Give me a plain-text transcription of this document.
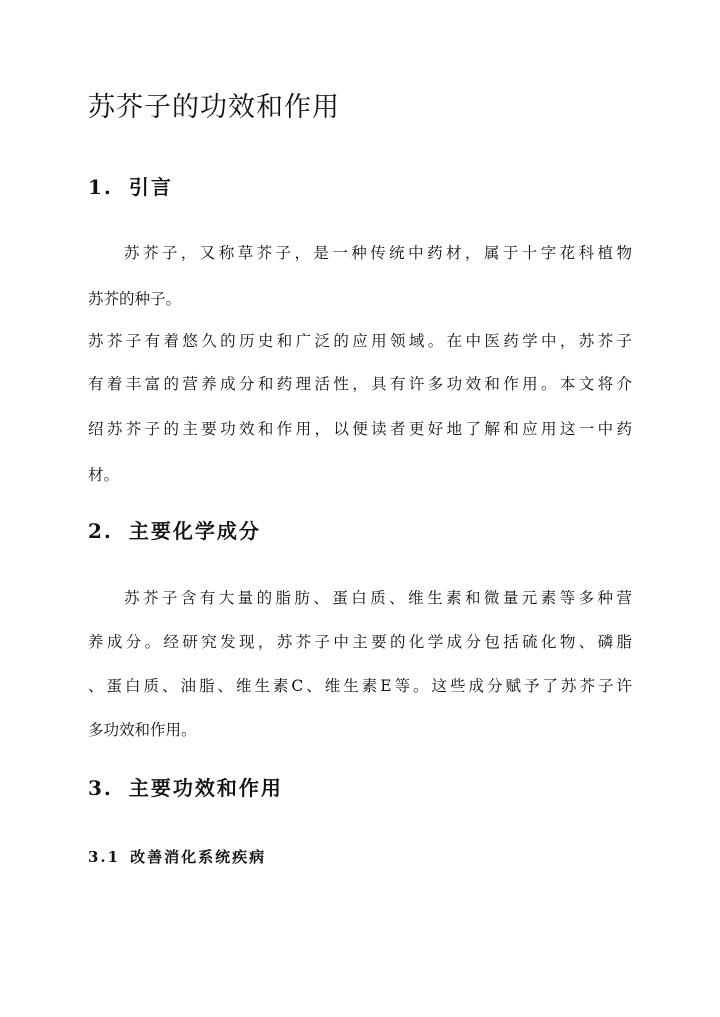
苏芥子的功效和作用
1. 引言
苏芥子，又称草芥子，是一种传统中药材，属于十字花科植物
苏芥的种子。
苏芥子有着悠久的历史和广泛的应用领域。在中医药学中，苏芥子
有着丰富的营养成分和药理活性，具有许多功效和作用。本文将介
绍苏芥子的主要功效和作用，以便读者更好地了解和应用这一中药
材。
2. 主要化学成分
苏芥子含有大量的脂肪、蛋白质、维生素和微量元素等多种营
养成分。经研究发现，苏芥子中主要的化学成分包括硫化物、磷脂
、蛋白质、油脂、维生素C、维生素E等。这些成分赋予了苏芥子许
多功效和作用。
3. 主要功效和作用
3.1 改善消化系统疾病
